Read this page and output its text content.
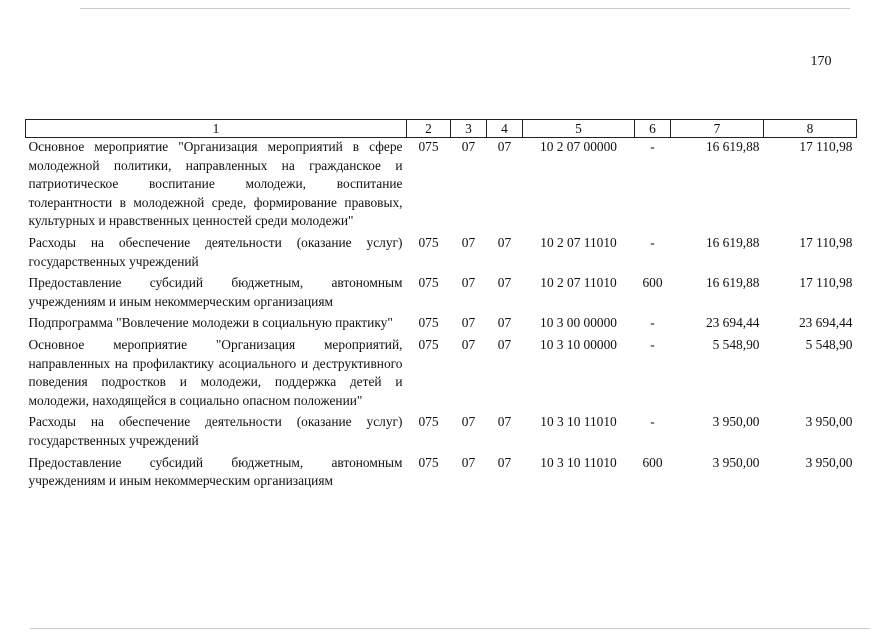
170
1	2	3	4	5	6	7	8
Основное мероприятие "Организация мероприятий в сфере молодежной политики, направленных на гражданское и патриотическое воспитание молодежи, воспитание толерантности в молодежной среде, формирование правовых, культурных и нравственных ценностей среди молодежи"	075	07	07	10 2 07 00000	-	16 619,88	17 110,98
Расходы на обеспечение деятельности (оказание услуг) государственных учреждений	075	07	07	10 2 07 11010	-	16 619,88	17 110,98
Предоставление субсидий бюджетным, автономным учреждениям и иным некоммерческим организациям	075	07	07	10 2 07 11010	600	16 619,88	17 110,98
Подпрограмма "Вовлечение молодежи в социальную практику"	075	07	07	10 3 00 00000	-	23 694,44	23 694,44
Основное мероприятие "Организация мероприятий, направленных на профилактику асоциального и деструктивного поведения подростков и молодежи, поддержка детей и молодежи, находящейся в социально опасном положении"	075	07	07	10 3 10 00000	-	5 548,90	5 548,90
Расходы на обеспечение деятельности (оказание услуг) государственных учреждений	075	07	07	10 3 10 11010	-	3 950,00	3 950,00
Предоставление субсидий бюджетным, автономным учреждениям и иным некоммерческим организациям	075	07	07	10 3 10 11010	600	3 950,00	3 950,00
